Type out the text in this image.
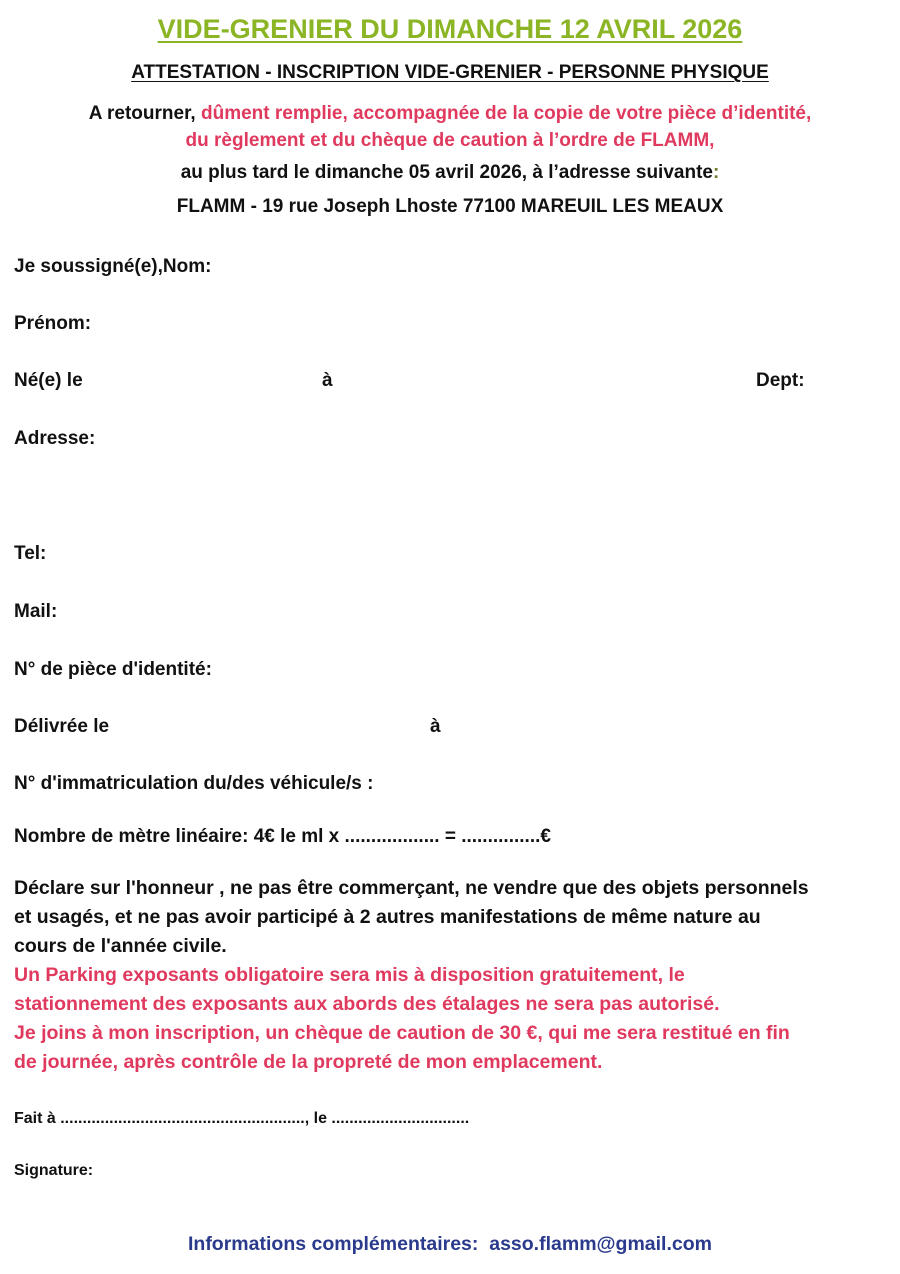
VIDE-GRENIER DU DIMANCHE 12 AVRIL 2026
ATTESTATION - INSCRIPTION VIDE-GRENIER - PERSONNE PHYSIQUE
A retourner, dûment remplie, accompagnée de la copie de votre pièce d’identité,
du règlement et du chèque de caution à l’ordre de FLAMM,
au plus tard le dimanche 05 avril 2026, à l’adresse suivante:
FLAMM - 19 rue Joseph Lhoste 77100 MAREUIL LES MEAUX
Je soussigné(e),Nom:
Prénom:
Né(e) le	à	Dept:
Adresse:
Tel:
Mail:
N° de pièce d'identité:
Délivrée le	à
N° d'immatriculation du/des véhicule/s :
Nombre de mètre linéaire: 4€ le ml x .................. = ...............€
Déclare sur l'honneur , ne pas être commerçant, ne vendre que des objets personnels
et usagés, et ne pas avoir participé à 2 autres manifestations de même nature au
cours de l'année civile.
Un Parking exposants obligatoire sera mis à disposition gratuitement, le
stationnement des exposants aux abords des étalages ne sera pas autorisé.
Je joins à mon inscription, un chèque de caution de 30 €, qui me sera restitué en fin
de journée, après contrôle de la propreté de mon emplacement.
Fait à ......................................................., le ...............................
Signature:
Informations complémentaires: asso.flamm@gmail.com
